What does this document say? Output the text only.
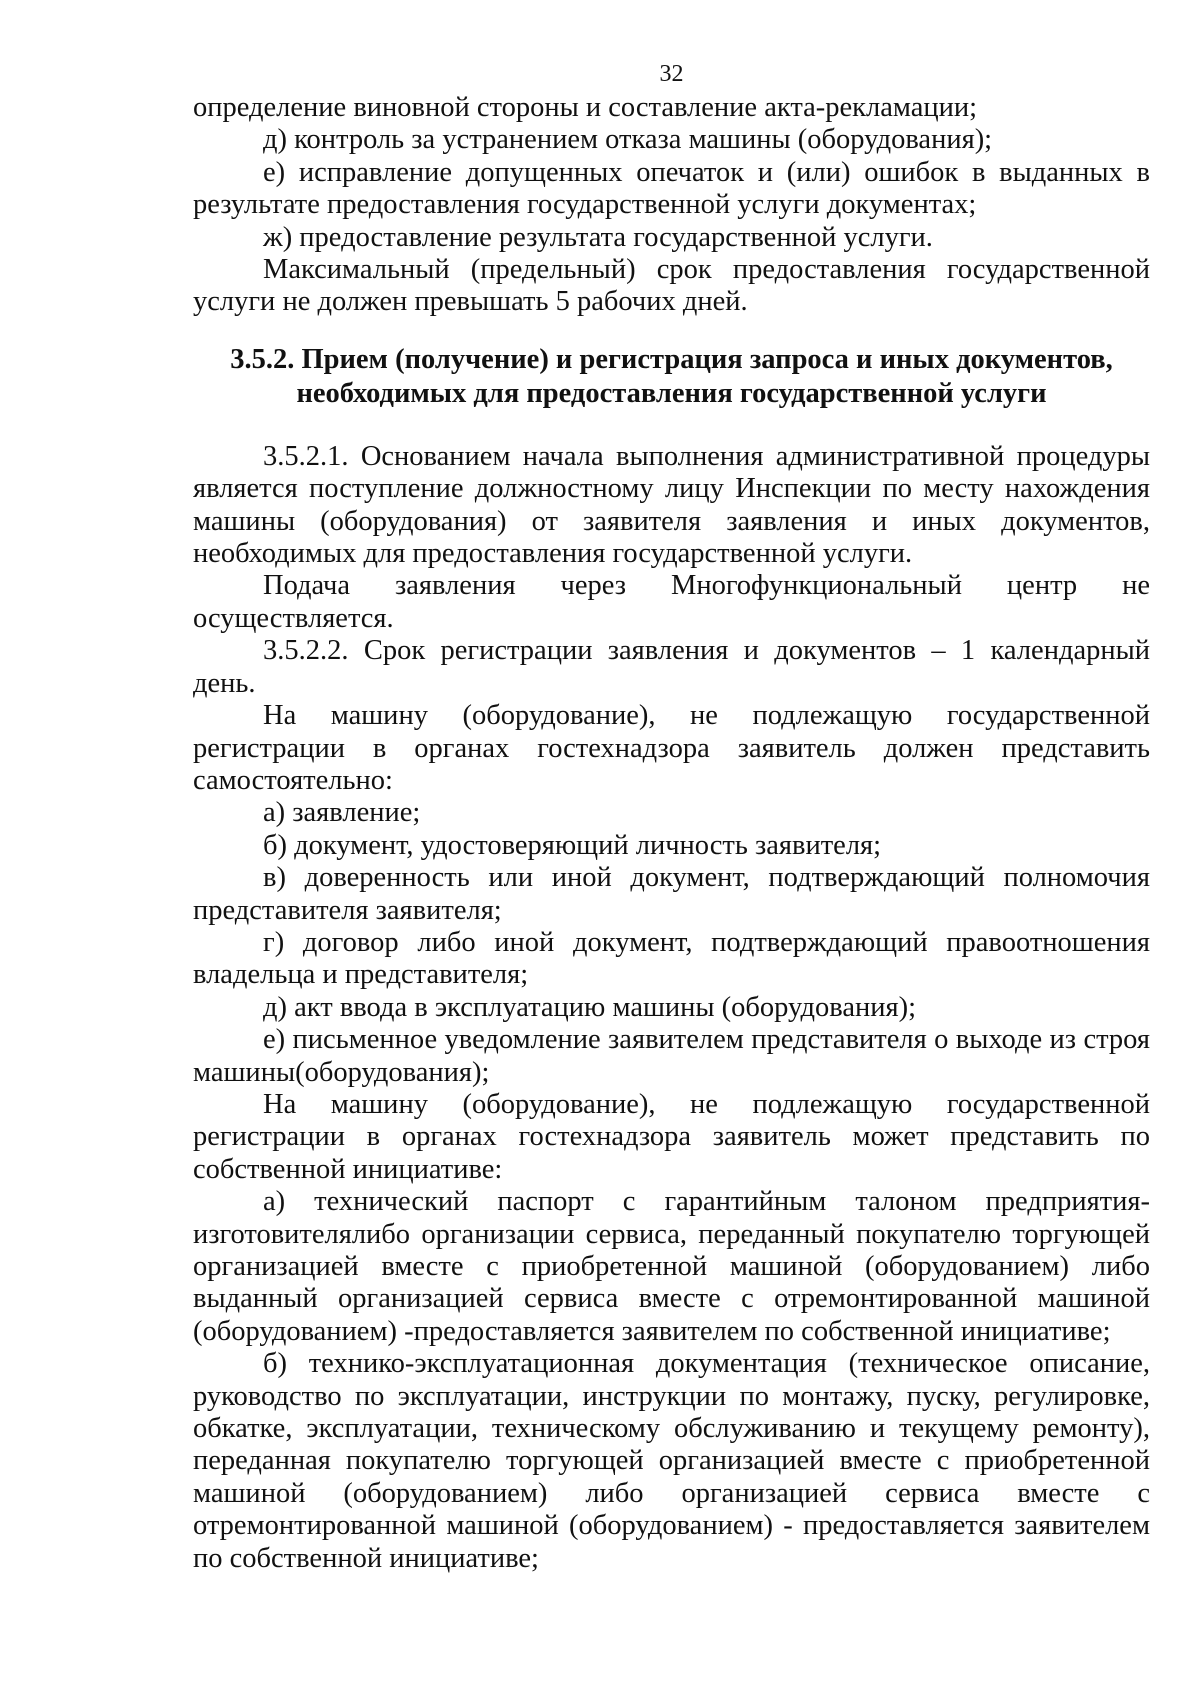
32

определение виновной стороны и составление акта-рекламации;

д) контроль за устранением отказа машины (оборудования);

е) исправление допущенных опечаток и (или) ошибок в выданных в результате предоставления государственной услуги документах;

ж) предоставление результата государственной услуги.

Максимальный (предельный) срок предоставления государственной услуги не должен превышать 5 рабочих дней.

3.5.2. Прием (получение) и регистрация запроса и иных документов,
необходимых для предоставления государственной услуги

3.5.2.1. Основанием начала выполнения административной процедуры является поступление должностному лицу Инспекции по месту нахождения машины (оборудования) от заявителя заявления и иных документов, необходимых для предоставления государственной услуги.

Подача заявления через Многофункциональный центр не осуществляется.

3.5.2.2. Срок регистрации заявления и документов – 1 календарный день.

На машину (оборудование), не подлежащую государственной регистрации в органах гостехнадзора заявитель должен представить самостоятельно:

а) заявление;

б) документ, удостоверяющий личность заявителя;

в) доверенность или иной документ, подтверждающий полномочия представителя заявителя;

г) договор либо иной документ, подтверждающий правоотношения владельца и представителя;

д) акт ввода в эксплуатацию машины (оборудования);

е) письменное уведомление заявителем представителя о выходе из строя машины(оборудования);

На машину (оборудование), не подлежащую государственной регистрации в органах гостехнадзора заявитель может представить по собственной инициативе:

а) технический паспорт с гарантийным талоном предприятия-изготовителялибо организации сервиса, переданный покупателю торгующей организацией вместе с приобретенной машиной (оборудованием) либо выданный организацией сервиса вместе с отремонтированной машиной (оборудованием) -предоставляется заявителем по собственной инициативе;

б) технико-эксплуатационная документация (техническое описание, руководство по эксплуатации, инструкции по монтажу, пуску, регулировке, обкатке, эксплуатации, техническому обслуживанию и текущему ремонту), переданная покупателю торгующей организацией вместе с приобретенной машиной (оборудованием) либо организацией сервиса вместе с отремонтированной машиной (оборудованием) - предоставляется заявителем по собственной инициативе;
